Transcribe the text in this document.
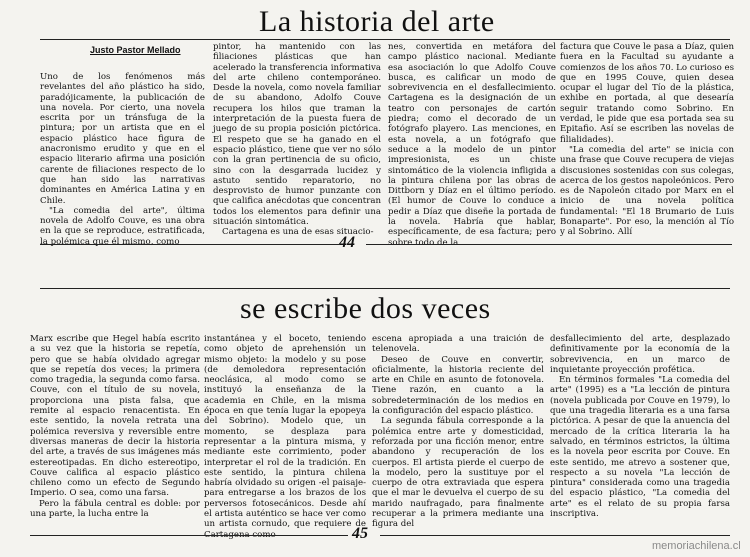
La historia del arte
Justo Pastor Mellado

Uno de los fenómenos más revelantes del año plástico ha sido, paradójicamente, la publicación de una novela. Por cierto, una novela escrita por un tránsfuga de la pintura; por un artista que en el espacio plástico hace figura de anacronismo erudito y que en el espacio literario afirma una posición carente de filiaciones respecto de lo que han sido las narrativas dominantes en América Latina y en Chile.

"La comedia del arte", última novela de Adolfo Couve, es una obra en la que se reproduce, estratificada, la polémica que él mismo, como

pintor, ha mantenido con las filiaciones plásticas que han acelerado la transferencia informativa del arte chileno contemporáneo. Desde la novela, como novela familiar de su abandono, Adolfo Couve recupera los hilos que traman la interpretación de la puesta fuera de juego de su propia posición pictórica. El respeto que se ha ganado en el espacio plástico, tiene que ver no sólo con la gran pertinencia de su oficio, sino con la desgarrada lucidez y astuto sentido reparatorio, no desprovisto de humor punzante con que califica anécdotas que concentran todos los elementos para definir una situación sintomática.

Cartagena es una de esas situacio-

nes, convertida en metáfora del campo plástico nacional. Mediante esa asociación lo que Adolfo Couve busca, es calificar un modo de sobrevivencia en el desfallecimiento. Cartagena es la designación de un teatro con personajes de cartón piedra; como el decorado de un fotógrafo playero. Las menciones, en esta novela, a un fotógrafo que seduce a la modelo de un pintor impresionista, es un chiste sintomático de la violencia infligida a la pintura chilena por las obras de Dittborn y Díaz en el último período. (El humor de Couve lo conduce a pedir a Díaz que diseñe la portada de la novela. Habría que hablar, específicamente, de esa factura; pero sobre todo de la

factura que Couve le pasa a Díaz, quien fuera en la Facultad su ayudante a comienzos de los años 70. Lo curioso es que en 1995 Couve, quien desea ocupar el lugar del Tío de la plástica, exhibe en portada, al que desearía seguir tratando como Sobrino. En verdad, le pide que esa portada sea su Epitafio. Así se escriben las novelas de filialidades).

"La comedia del arte" se inicia con una frase que Couve recupera de viejas discusiones sostenidas con sus colegas, acerca de los gestos napoleónicos. Pero es de Napoleón citado por Marx en el inicio de una novela política fundamental: "El 18 Brumario de Luis Bonaparte". Por eso, la mención al Tío y al Sobrino. Allí

44
se escribe dos veces

Marx escribe que Hegel había escrito a su vez que la historia se repetía, pero que se había olvidado agregar que se repetía dos veces; la primera como tragedia, la segunda como farsa. Couve, con el título de su novela, proporciona una pista falsa, que remite al espacio renacentista. En este sentido, la novela retrata una polémica reversiva y reversible entre diversas maneras de decir la historia del arte, a través de sus imágenes más estereotipadas. En dicho estereotipo, Couve califica al espacio plástico chileno como un efecto de Segundo Imperio. O sea, como una farsa.

Pero la fábula central es doble: por una parte, la lucha entre la

instantánea y el boceto, teniendo como objeto de aprehensión un mismo objeto: la modelo y su pose (de demoledora representación neoclásica, al modo como se instituyó la enseñanza de la academia en Chile, en la misma época en que tenía lugar la epopeya del Sobrino). Modelo que, un momento, se desplaza para representar a la pintura misma, y mediante este corrimiento, poder interpretar el rol de la tradición. En este sentido, la pintura chilena habría olvidado su origen -el paisaje- para entregarse a los brazos de los perversos fotosecánicos. Desde ahí el artista auténtico se hace ver como un artista cornudo, que requiere de Cartagena como

escena apropiada a una traición de telenovela.

Deseo de Couve en convertir, oficialmente, la historia reciente del arte en Chile en asunto de fotonovela. Tiene razón, en cuanto a la sobredeterminación de los medios en la configuración del espacio plástico.

La segunda fábula corresponde a la polémica entre arte y domesticidad, reforzada por una ficción menor, entre abandono y recuperación de los cuerpos. El artista pierde el cuerpo de la modelo, pero la sustituye por el cuerpo de otra extraviada que espera que el mar le devuelva el cuerpo de su marido naufragado, para finalmente recuperar a la primera mediante una figura del

desfallecimiento del arte, desplazado definitivamente por la economía de la sobrevivencia, en un marco de inquietante proyección profética.

En términos formales "La comedia del arte" (1995) es a "La lección de pintura (novela publicada por Couve en 1979), lo que una tragedia literaria es a una farsa pictórica. A pesar de que la anuencia del mercado de la crítica literaria la ha salvado, en términos estrictos, la última es la novela peor escrita por Couve. En este sentido, me atrevo a sostener que, respecto a su novela "La lección de pintura" considerada como una tragedia del espacio plástico, "La comedia del arte" es el relato de su propia farsa inscriptiva.

45
memoriachilena.cl
